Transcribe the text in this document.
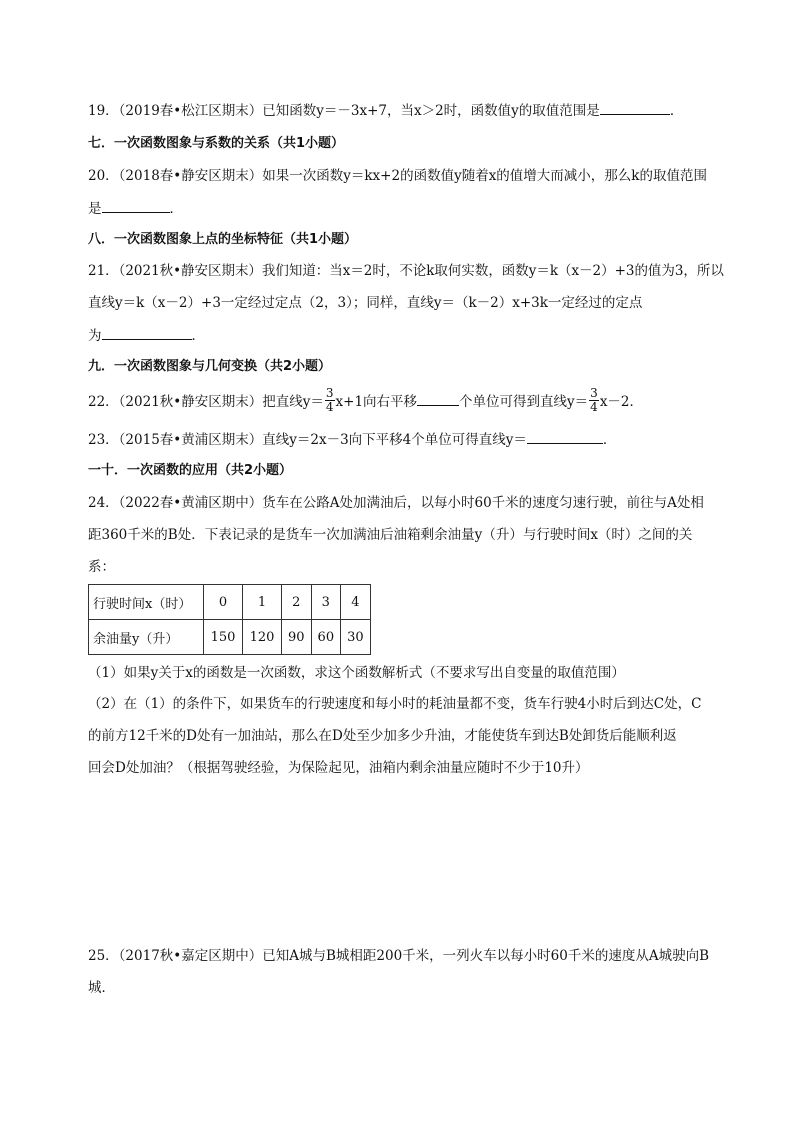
19．（2019春•松江区期末）已知函数y＝－3x+7，当x＞2时，函数值y的取值范围是	．
七．一次函数图象与系数的关系（共1小题）
20．（2018春•静安区期末）如果一次函数y＝kx+2的函数值y随着x的值增大而减小，那么k的取值范围
是	．
八．一次函数图象上点的坐标特征（共1小题）
21．（2021秋•静安区期末）我们知道：当x＝2时，不论k取何实数，函数y＝k（x－2）+3的值为3，所以
直线y＝k（x－2）+3一定经过定点（2，3）；同样，直线y＝（k－2）x+3k一定经过的定点
为	．
九．一次函数图象与几何变换（共2小题）
22．（2021秋•静安区期末）把直线$y= \frac{3}{4} x+1$向右平移	个单位可得到直线$y= \frac{3}{4} x-2$．
23．（2015春•黄浦区期末）直线y＝2x－3向下平移4个单位可得直线y＝	．
一十．一次函数的应用（共2小题）
24．（2022春•黄浦区期中）货车在公路A处加满油后，以每小时60千米的速度匀速行驶，前往与A处相
距360千米的B处．下表记录的是货车一次加满油后油箱剩余油量y（升）与行驶时间x（时）之间的关
系：
行驶时间x（时）	0	1	2	3	4
余油量y（升）	150	120	90	60	30
（1）如果y关于x的函数是一次函数，求这个函数解析式（不要求写出自变量的取值范围）
（2）在（1）的条件下，如果货车的行驶速度和每小时的耗油量都不变，货车行驶4小时后到达C处，C
的前方12千米的D处有一加油站，那么在D处至少加多少升油，才能使货车到达B处卸货后能顺利返
回会D处加油？（根据驾驶经验，为保险起见，油箱内剩余油量应随时不少于10升）
25．（2017秋•嘉定区期中）已知A城与B城相距200千米，一列火车以每小时60千米的速度从A城驶向B
城．
